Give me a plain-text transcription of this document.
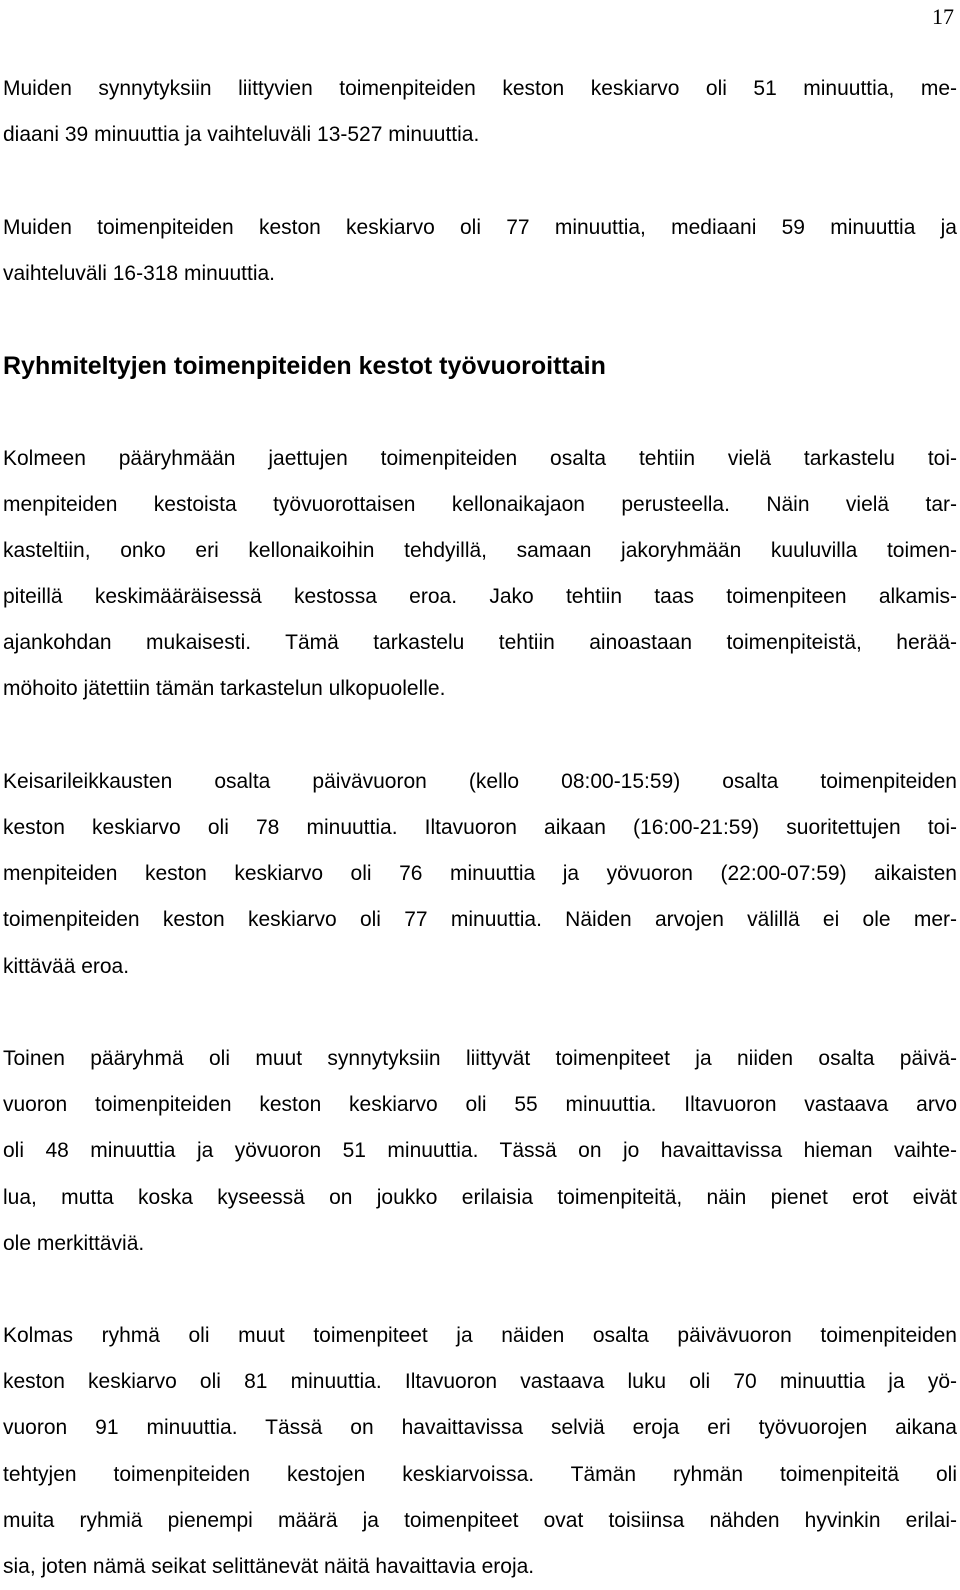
17
Muiden synnytyksiin liittyvien toimenpiteiden keston keskiarvo oli 51 minuuttia, me-
diaani 39 minuuttia ja vaihteluväli 13-527 minuuttia.
Muiden toimenpiteiden keston keskiarvo oli 77 minuuttia, mediaani 59 minuuttia ja
vaihteluväli 16-318 minuuttia.
Ryhmiteltyjen toimenpiteiden kestot työvuoroittain
Kolmeen pääryhmään jaettujen toimenpiteiden osalta tehtiin vielä tarkastelu toi-
menpiteiden kestoista työvuorottaisen kellonaikajaon perusteella. Näin vielä tar-
kasteltiin, onko eri kellonaikoihin tehdyillä, samaan jakoryhmään kuuluvilla toimen-
piteillä keskimääräisessä kestossa eroa. Jako tehtiin taas toimenpiteen alkamis-
ajankohdan mukaisesti. Tämä tarkastelu tehtiin ainoastaan toimenpiteistä, herää-
möhoito jätettiin tämän tarkastelun ulkopuolelle.
Keisarileikkausten osalta päivävuoron (kello 08:00-15:59) osalta toimenpiteiden
keston keskiarvo oli 78 minuuttia. Iltavuoron aikaan (16:00-21:59) suoritettujen toi-
menpiteiden keston keskiarvo oli 76 minuuttia ja yövuoron (22:00-07:59) aikaisten
toimenpiteiden keston keskiarvo oli 77 minuuttia. Näiden arvojen välillä ei ole mer-
kittävää eroa.
Toinen pääryhmä oli muut synnytyksiin liittyvät toimenpiteet ja niiden osalta päivä-
vuoron toimenpiteiden keston keskiarvo oli 55 minuuttia. Iltavuoron vastaava arvo
oli 48 minuuttia ja yövuoron 51 minuuttia. Tässä on jo havaittavissa hieman vaihte-
lua, mutta koska kyseessä on joukko erilaisia toimenpiteitä, näin pienet erot eivät
ole merkittäviä.
Kolmas ryhmä oli muut toimenpiteet ja näiden osalta päivävuoron toimenpiteiden
keston keskiarvo oli 81 minuuttia. Iltavuoron vastaava luku oli 70 minuuttia ja yö-
vuoron 91 minuuttia. Tässä on havaittavissa selviä eroja eri työvuorojen aikana
tehtyjen toimenpiteiden kestojen keskiarvoissa. Tämän ryhmän toimenpiteitä oli
muita ryhmiä pienempi määrä ja toimenpiteet ovat toisiinsa nähden hyvinkin erilai-
sia, joten nämä seikat selittänevät näitä havaittavia eroja.
